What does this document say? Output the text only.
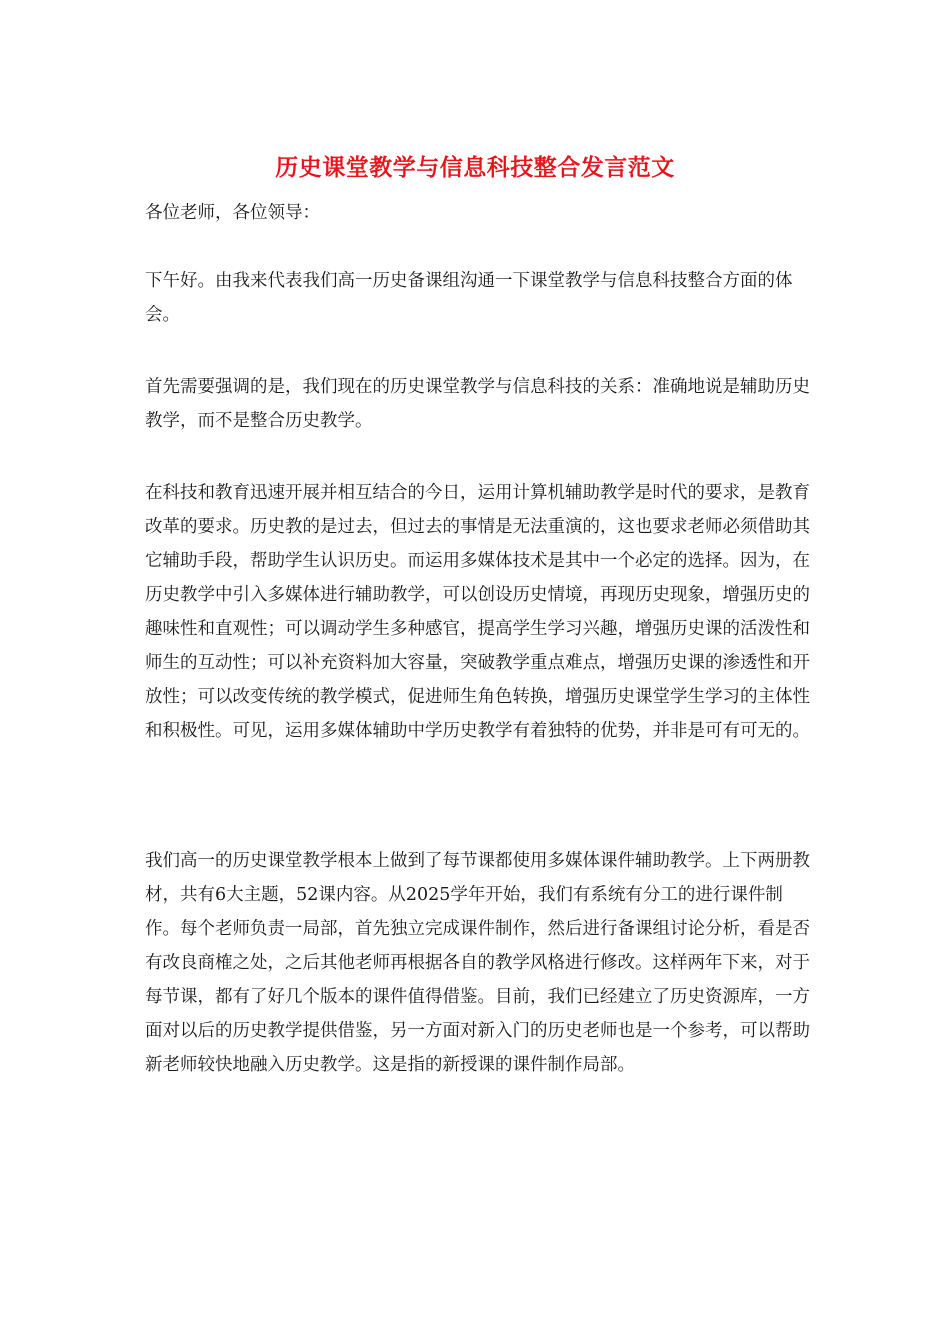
历史课堂教学与信息科技整合发言范文

各位老师，各位领导：

下午好。由我来代表我们高一历史备课组沟通一下课堂教学与信息科技整合方面的体会。

首先需要强调的是，我们现在的历史课堂教学与信息科技的关系：准确地说是辅助历史教学，而不是整合历史教学。

在科技和教育迅速开展并相互结合的今日，运用计算机辅助教学是时代的要求，是教育改革的要求。历史教的是过去，但过去的事情是无法重演的，这也要求老师必须借助其它辅助手段，帮助学生认识历史。而运用多媒体技术是其中一个必定的选择。因为，在历史教学中引入多媒体进行辅助教学，可以创设历史情境，再现历史现象，增强历史的趣味性和直观性；可以调动学生多种感官，提高学生学习兴趣，增强历史课的活泼性和师生的互动性；可以补充资料加大容量，突破教学重点难点，增强历史课的渗透性和开放性；可以改变传统的教学模式，促进师生角色转换，增强历史课堂学生学习的主体性和积极性。可见，运用多媒体辅助中学历史教学有着独特的优势，并非是可有可无的。

我们高一的历史课堂教学根本上做到了每节课都使用多媒体课件辅助教学。上下两册教材，共有6大主题，52课内容。从2025学年开始，我们有系统有分工的进行课件制作。每个老师负责一局部，首先独立完成课件制作，然后进行备课组讨论分析，看是否有改良商榷之处，之后其他老师再根据各自的教学风格进行修改。这样两年下来，对于每节课，都有了好几个版本的课件值得借鉴。目前，我们已经建立了历史资源库，一方面对以后的历史教学提供借鉴，另一方面对新入门的历史老师也是一个参考，可以帮助新老师较快地融入历史教学。这是指的新授课的课件制作局部。
